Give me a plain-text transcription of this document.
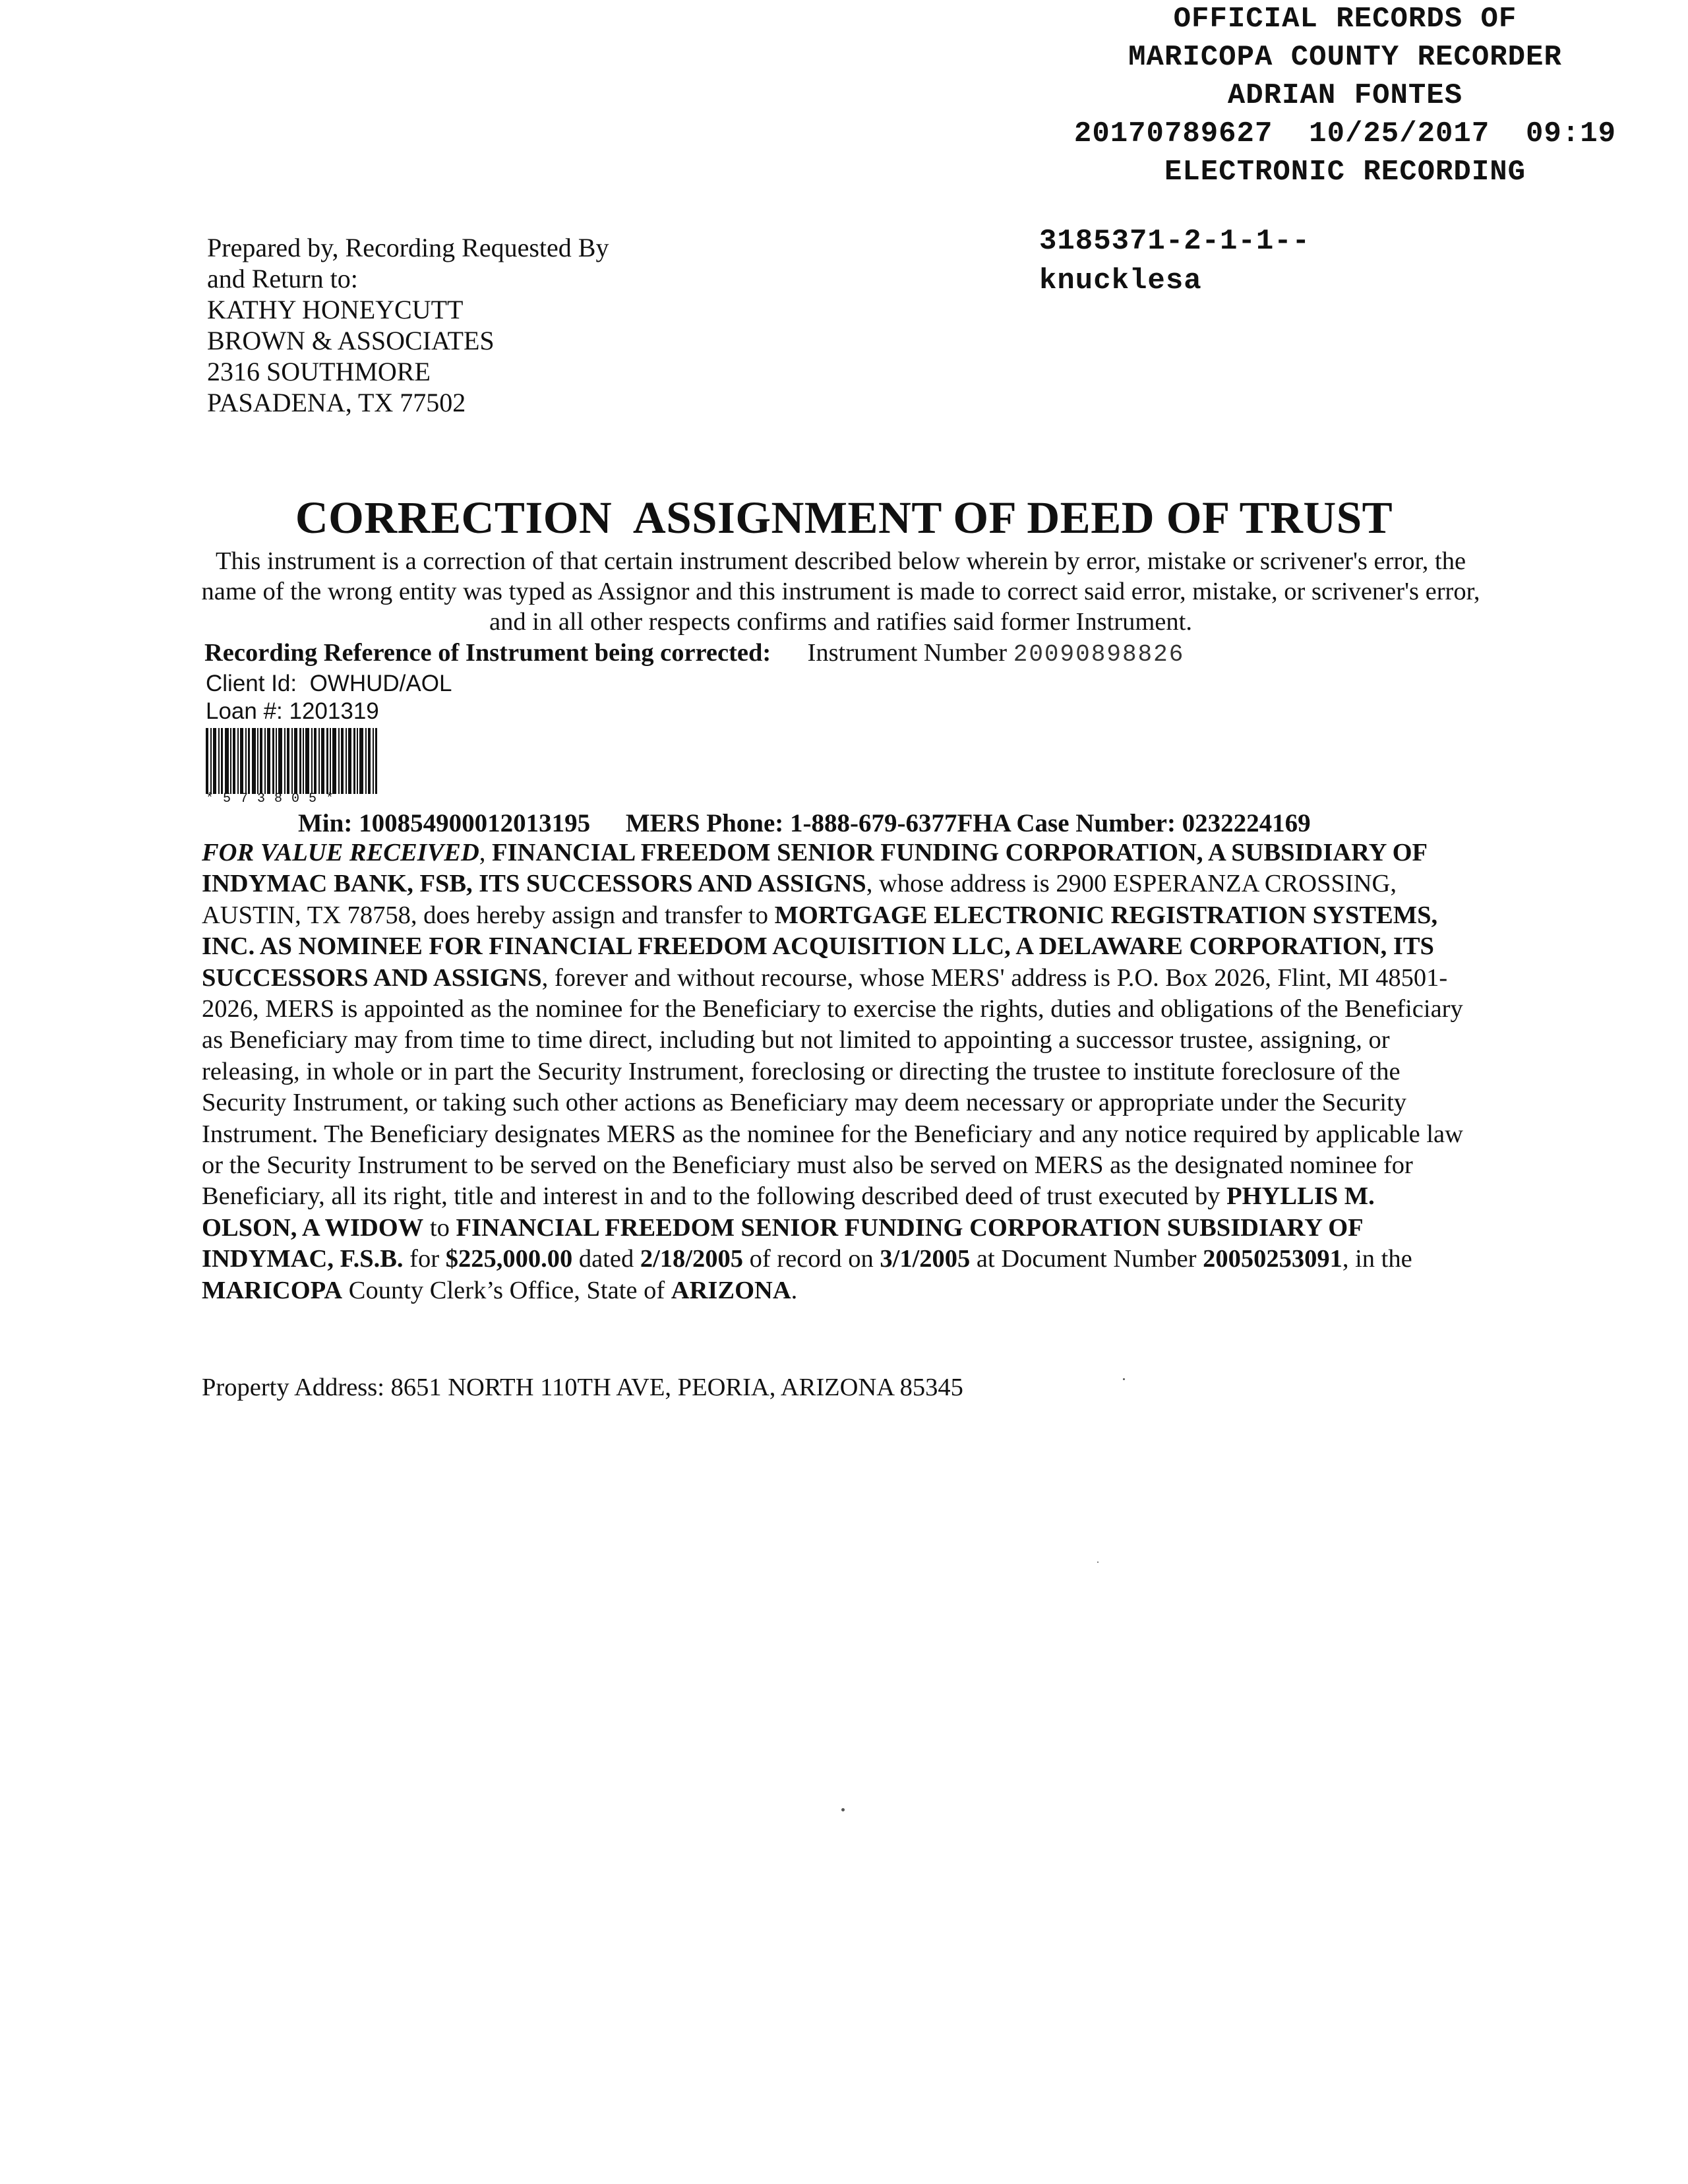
OFFICIAL RECORDS OF
MARICOPA COUNTY RECORDER
ADRIAN FONTES
20170789627  10/25/2017  09:19
ELECTRONIC RECORDING
3185371-2-1-1--
knucklesa
Prepared by, Recording Requested By
and Return to:
KATHY HONEYCUTT
BROWN & ASSOCIATES
2316 SOUTHMORE
PASADENA, TX 77502
CORRECTION  ASSIGNMENT OF DEED OF TRUST
This instrument is a correction of that certain instrument described below wherein by error, mistake or scrivener's error, the name of the wrong entity was typed as Assignor and this instrument is made to correct said error, mistake, or scrivener's error, and in all other respects confirms and ratifies said former Instrument.
Recording Reference of Instrument being corrected: Instrument Number 20090898826
Client Id:  OWHUD/AOL
Loan #: 1201319
*573805*
Min: 100854900012013195 MERS Phone: 1-888-679-6377FHA Case Number: 0232224169
FOR VALUE RECEIVED, FINANCIAL FREEDOM SENIOR FUNDING CORPORATION, A SUBSIDIARY OF INDYMAC BANK, FSB, ITS SUCCESSORS AND ASSIGNS, whose address is 2900 ESPERANZA CROSSING, AUSTIN, TX 78758, does hereby assign and transfer to MORTGAGE ELECTRONIC REGISTRATION SYSTEMS, INC. AS NOMINEE FOR FINANCIAL FREEDOM ACQUISITION LLC, A DELAWARE CORPORATION, ITS SUCCESSORS AND ASSIGNS, forever and without recourse, whose MERS' address is P.O. Box 2026, Flint, MI 48501-2026, MERS is appointed as the nominee for the Beneficiary to exercise the rights, duties and obligations of the Beneficiary as Beneficiary may from time to time direct, including but not limited to appointing a successor trustee, assigning, or releasing, in whole or in part the Security Instrument, foreclosing or directing the trustee to institute foreclosure of the Security Instrument, or taking such other actions as Beneficiary may deem necessary or appropriate under the Security Instrument. The Beneficiary designates MERS as the nominee for the Beneficiary and any notice required by applicable law or the Security Instrument to be served on the Beneficiary must also be served on MERS as the designated nominee for Beneficiary, all its right, title and interest in and to the following described deed of trust executed by PHYLLIS M. OLSON, A WIDOW to FINANCIAL FREEDOM SENIOR FUNDING CORPORATION SUBSIDIARY OF INDYMAC, F.S.B. for $225,000.00 dated 2/18/2005 of record on 3/1/2005 at Document Number 20050253091, in the MARICOPA County Clerk’s Office, State of ARIZONA.
Property Address: 8651 NORTH 110TH AVE, PEORIA, ARIZONA 85345
